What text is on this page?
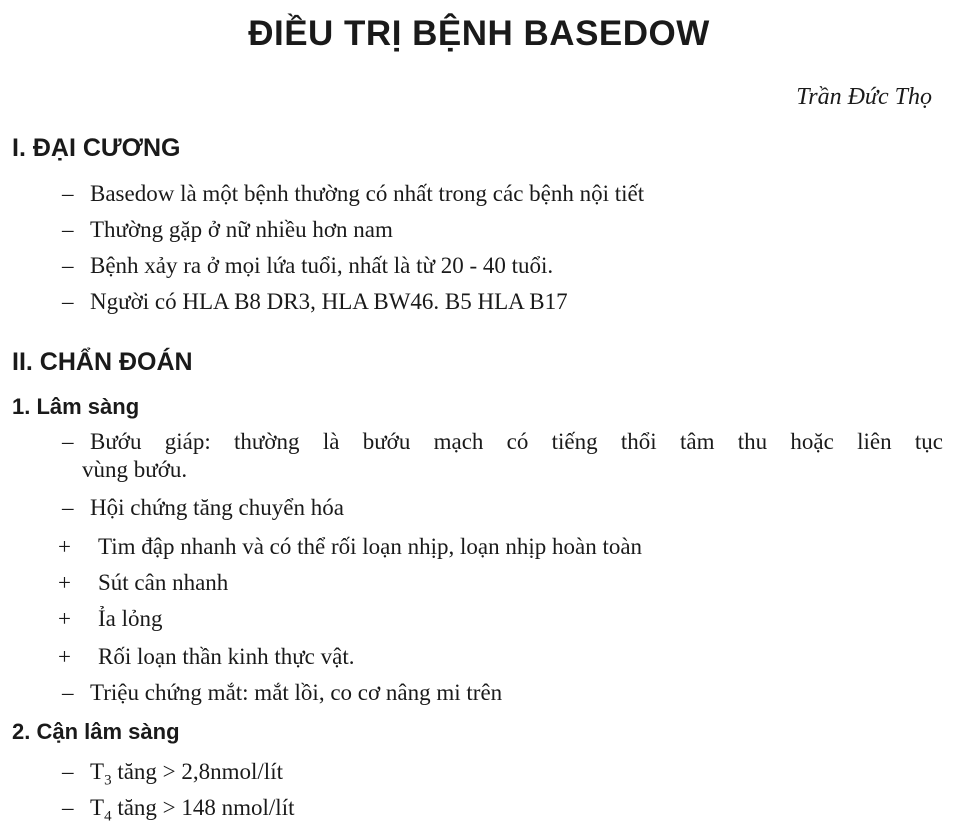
ĐIỀU TRỊ BỆNH BASEDOW
Trần Đức Thọ
I. ĐẠI CƯƠNG
– Basedow là một bệnh thường có nhất trong các bệnh nội tiết
– Thường gặp ở nữ nhiều hơn nam
– Bệnh xảy ra ở mọi lứa tuổi, nhất là từ 20 - 40 tuổi.
– Người có HLA B8 DR3, HLA BW46. B5 HLA B17
II. CHẨN ĐOÁN
1. Lâm sàng
– Bướu giáp: thường là bướu mạch có tiếng thổi tâm thu hoặc liên tục
vùng bướu.
– Hội chứng tăng chuyển hóa
+ Tim đập nhanh và có thể rối loạn nhịp, loạn nhịp hoàn toàn
+ Sút cân nhanh
+ Ỉa lỏng
+ Rối loạn thần kinh thực vật.
– Triệu chứng mắt: mắt lồi, co cơ nâng mi trên
2. Cận lâm sàng
– $T_3$ tăng > 2,8nmol/lít
– $T_4$ tăng > 148 nmol/lít
